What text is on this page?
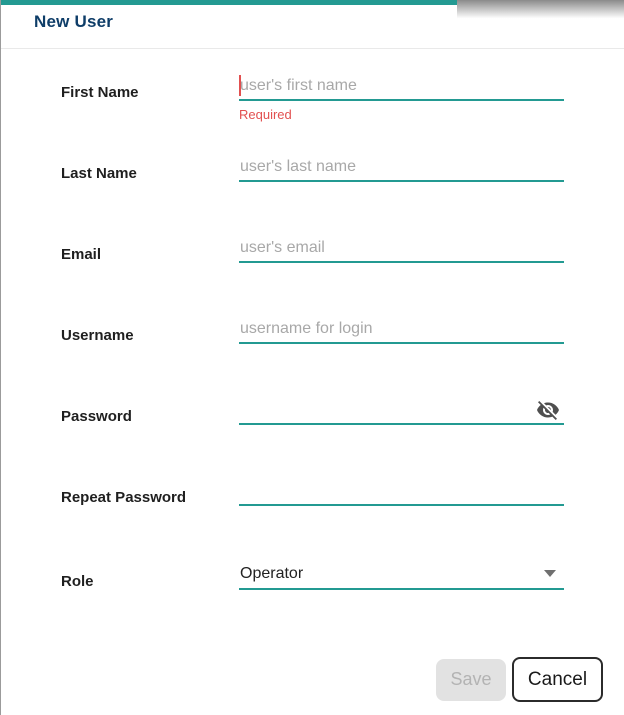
New User
First Name
user's first name
Required
Last Name
user's last name
Email
user's email
Username
username for login
Password
Repeat Password
Role	Operator
Save	Cancel
